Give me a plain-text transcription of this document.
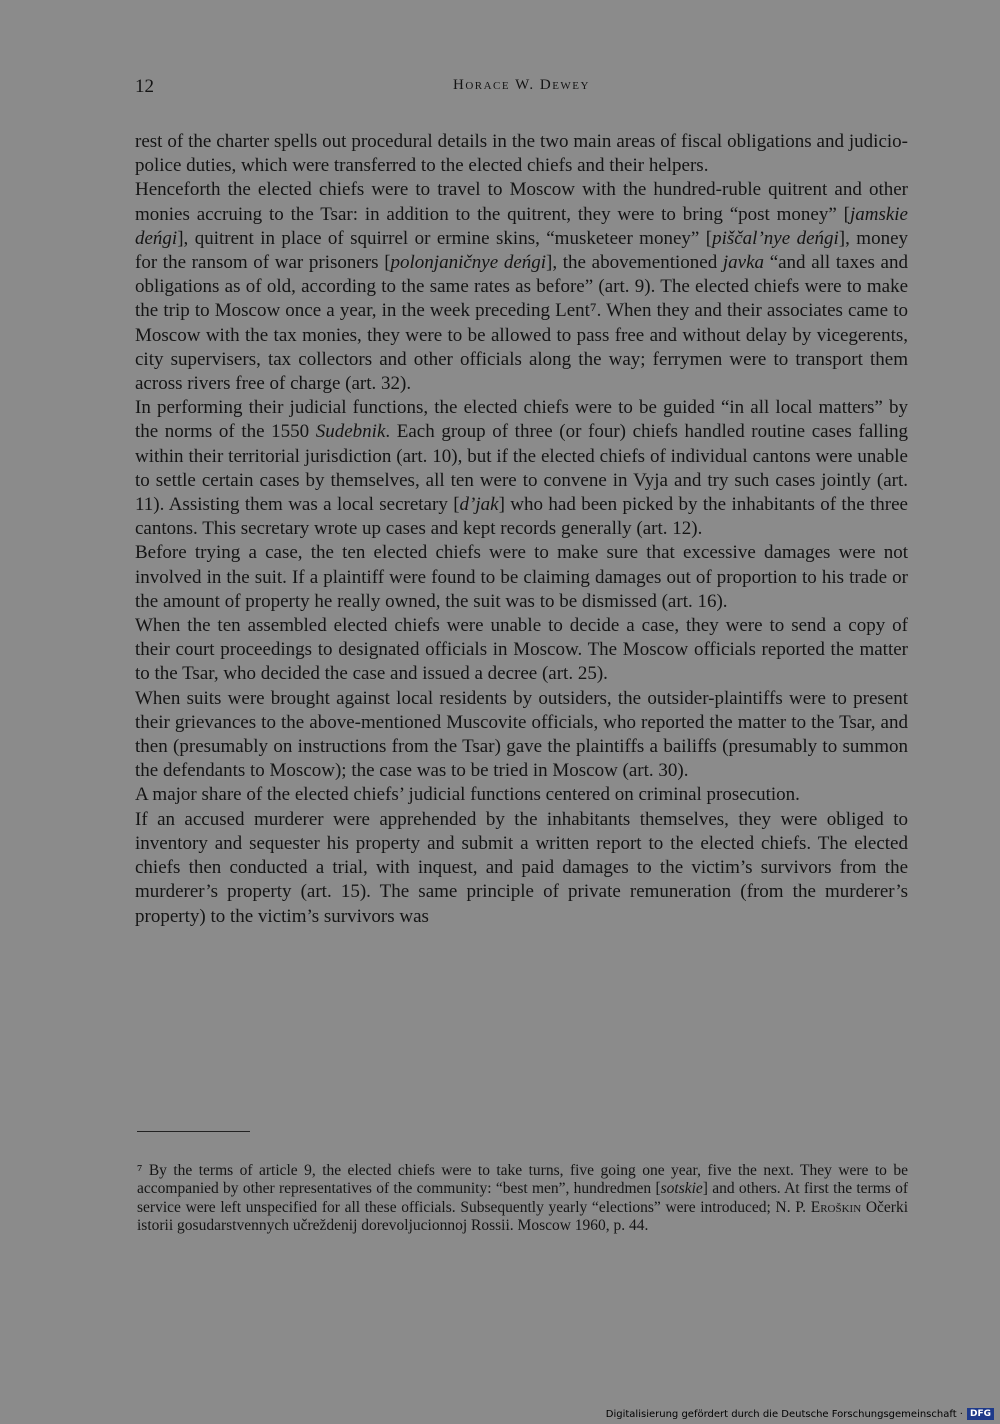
12	Horace W. Dewey

rest of the charter spells out procedural details in the two main areas of fiscal obligations and judicio-police duties, which were transferred to the elected chiefs and their helpers.

Henceforth the elected chiefs were to travel to Moscow with the hundred-ruble quitrent and other monies accruing to the Tsar: in addition to the quitrent, they were to bring “post money” [jamskie deńgi], quitrent in place of squirrel or ermine skins, “musketeer money” [piščal’nye deńgi], money for the ransom of war prisoners [polonjaničnye deńgi], the abovementioned javka “and all taxes and obligations as of old, according to the same rates as before” (art. 9). The elected chiefs were to make the trip to Moscow once a year, in the week preceding Lent⁷. When they and their associates came to Moscow with the tax monies, they were to be allowed to pass free and without delay by vicegerents, city supervisers, tax collectors and other officials along the way; ferrymen were to transport them across rivers free of charge (art. 32).

In performing their judicial functions, the elected chiefs were to be guided “in all local matters” by the norms of the 1550 Sudebnik. Each group of three (or four) chiefs handled routine cases falling within their territorial jurisdiction (art. 10), but if the elected chiefs of individual cantons were unable to settle certain cases by themselves, all ten were to convene in Vyja and try such cases jointly (art. 11). Assisting them was a local secretary [d’jak] who had been picked by the inhabitants of the three cantons. This secretary wrote up cases and kept records generally (art. 12).

Before trying a case, the ten elected chiefs were to make sure that excessive damages were not involved in the suit. If a plaintiff were found to be claiming damages out of proportion to his trade or the amount of property he really owned, the suit was to be dismissed (art. 16).

When the ten assembled elected chiefs were unable to decide a case, they were to send a copy of their court proceedings to designated officials in Moscow. The Moscow officials reported the matter to the Tsar, who decided the case and issued a decree (art. 25).

When suits were brought against local residents by outsiders, the outsider-plaintiffs were to present their grievances to the above-mentioned Muscovite officials, who reported the matter to the Tsar, and then (presumably on instructions from the Tsar) gave the plaintiffs a bailiffs (presumably to summon the defendants to Moscow); the case was to be tried in Moscow (art. 30).

A major share of the elected chiefs’ judicial functions centered on criminal prosecution.

If an accused murderer were apprehended by the inhabitants themselves, they were obliged to inventory and sequester his property and submit a written report to the elected chiefs. The elected chiefs then conducted a trial, with inquest, and paid damages to the victim’s survivors from the murderer’s property (art. 15). The same principle of private remuneration (from the murderer’s property) to the victim’s survivors was

⁷ By the terms of article 9, the elected chiefs were to take turns, five going one year, five the next. They were to be accompanied by other representatives of the community: “best men”, hundredmen [sotskie] and others. At first the terms of service were left unspecified for all these officials. Subsequently yearly “elections” were introduced; N. P. Eroškin Očerki istorii gosudarstvennych učreždenij dorevoljucionnoj Rossii. Moscow 1960, p. 44.

Digitalisierung gefördert durch die Deutsche Forschungsgemeinschaft · DFG
